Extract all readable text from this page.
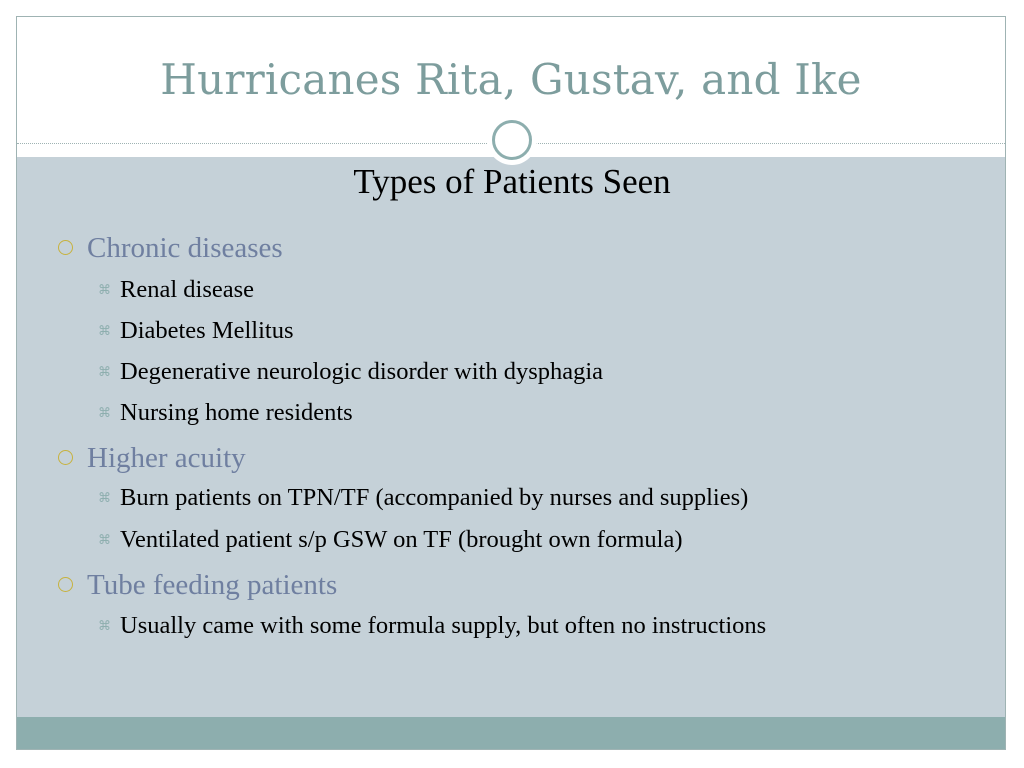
Hurricanes Rita, Gustav, and Ike
Types of Patients Seen
Chronic diseases
⌘ Renal disease
⌘ Diabetes Mellitus
⌘ Degenerative neurologic disorder with dysphagia
⌘ Nursing home residents
Higher acuity
⌘ Burn patients on TPN/TF (accompanied by nurses and supplies)
⌘ Ventilated patient s/p GSW on TF (brought own formula)
Tube feeding patients
⌘ Usually came with some formula supply, but often no instructions
